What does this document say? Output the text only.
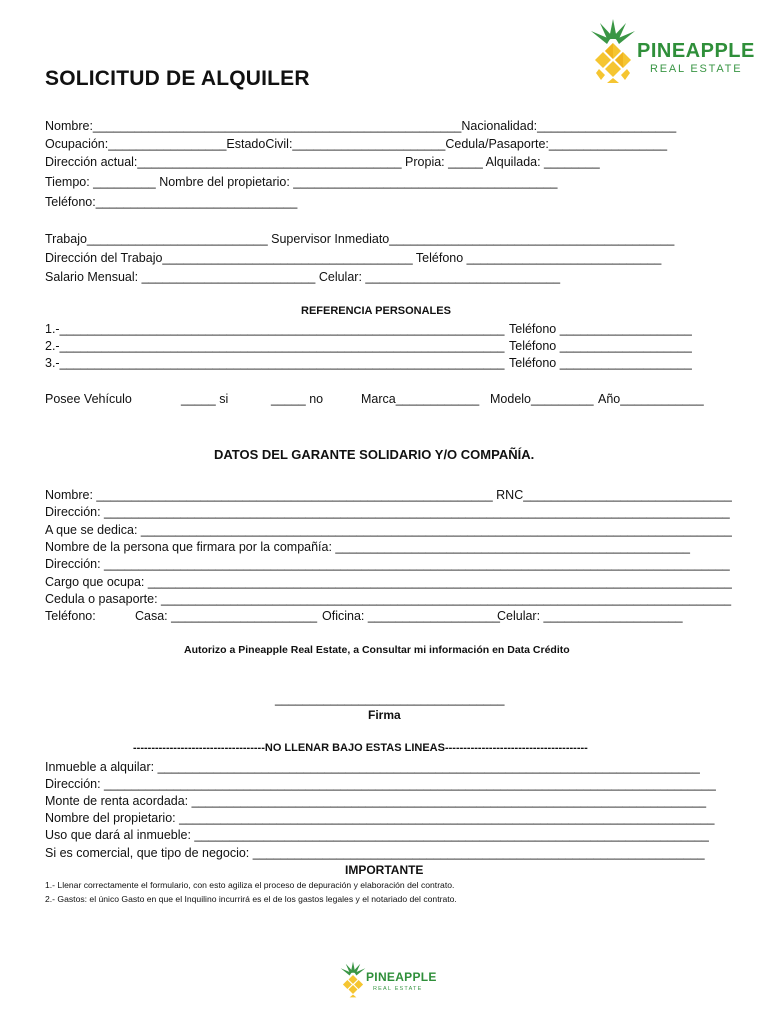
PINEAPPLE
REAL ESTATE
SOLICITUD DE ALQUILER
Nombre:_____________________________________________________Nacionalidad:____________________
Ocupación:_________________EstadoCivil:______________________Cedula/Pasaporte:_________________
Dirección actual:______________________________________ Propia: _____ Alquilada: ________
Tiempo: _________ Nombre del propietario: ______________________________________
Teléfono:_____________________________
Trabajo__________________________ Supervisor Inmediato_________________________________________
Dirección del Trabajo____________________________________ Teléfono ____________________________
Salario Mensual: _________________________ Celular: ____________________________
REFERENCIA PERSONALES
1.-________________________________________________________________ Teléfono ___________________
2.-________________________________________________________________ Teléfono ___________________
3.-________________________________________________________________ Teléfono ___________________
Posee Vehículo	_____ si	_____ no	Marca____________ Modelo_________ Año____________
DATOS DEL GARANTE SOLIDARIO Y/O COMPAÑÍA.
Nombre: _________________________________________________________ RNC______________________________
Dirección: __________________________________________________________________________________________
A que se dedica: _____________________________________________________________________________________
Nombre de la persona que firmara por la compañía: ___________________________________________________
Dirección: __________________________________________________________________________________________
Cargo que ocupa: ____________________________________________________________________________________
Cedula o pasaporte: __________________________________________________________________________________
Teléfono:	Casa: _____________________ Oficina: ___________________
Celular: ____________________
Autorizo a Pineapple Real Estate, a Consultar mi información en Data Crédito
_________________________________
Firma
------------------------------------NO LLENAR BAJO ESTAS LINEAS---------------------------------------
Inmueble a alquilar: ______________________________________________________________________________
Dirección: ________________________________________________________________________________________
Monte de renta acordada: __________________________________________________________________________
Nombre del propietario: _____________________________________________________________________________
Uso que dará al inmueble: __________________________________________________________________________
Si es comercial, que tipo de negocio: _________________________________________________________________
IMPORTANTE
1.- Llenar correctamente el formulario, con esto agiliza el proceso de depuración y elaboración del contrato.
2.- Gastos: el único Gasto en que el Inquilino incurrirá es el de los gastos legales y el notariado del contrato.
PINEAPPLE
REAL ESTATE
